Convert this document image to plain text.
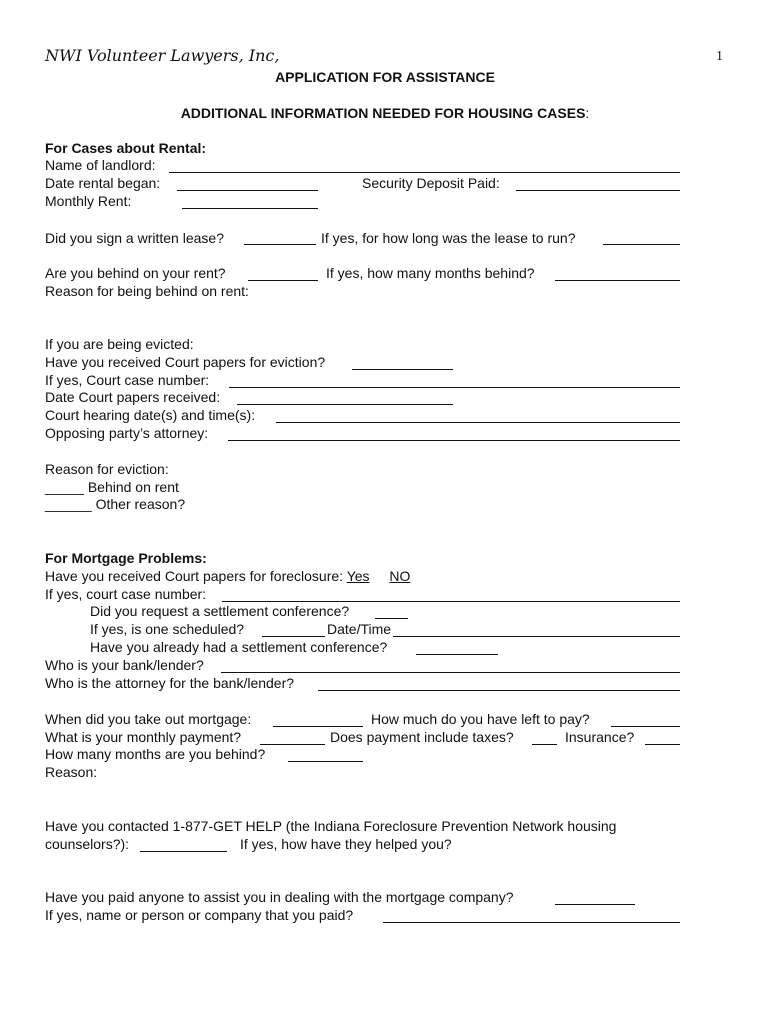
NWI Volunteer Lawyers, Inc,	1
APPLICATION FOR ASSISTANCE
ADDITIONAL INFORMATION NEEDED FOR HOUSING CASES:
For Cases about Rental:
Name of landlord:
Date rental began:	Security Deposit Paid:
Monthly Rent:
Did you sign a written lease?	If yes, for how long was the lease to run?
Are you behind on your rent?	If yes, how many months behind?
Reason for being behind on rent:
If you are being evicted:
Have you received Court papers for eviction?
If yes, Court case number:
Date Court papers received:
Court hearing date(s) and time(s):
Opposing party’s attorney:
Reason for eviction:
_____ Behind on rent
______ Other reason?
For Mortgage Problems:
Have you received Court papers for foreclosure: Yes NO
If yes, court case number:
Did you request a settlement conference?
If yes, is one scheduled?	Date/Time
Have you already had a settlement conference?
Who is your bank/lender?
Who is the attorney for the bank/lender?
When did you take out mortgage:	How much do you have left to pay?
What is your monthly payment?	Does payment include taxes?	Insurance?
How many months are you behind?
Reason:
Have you contacted 1-877-GET HELP (the Indiana Foreclosure Prevention Network housing
counselors?):	If yes, how have they helped you?
Have you paid anyone to assist you in dealing with the mortgage company?
If yes, name or person or company that you paid?
